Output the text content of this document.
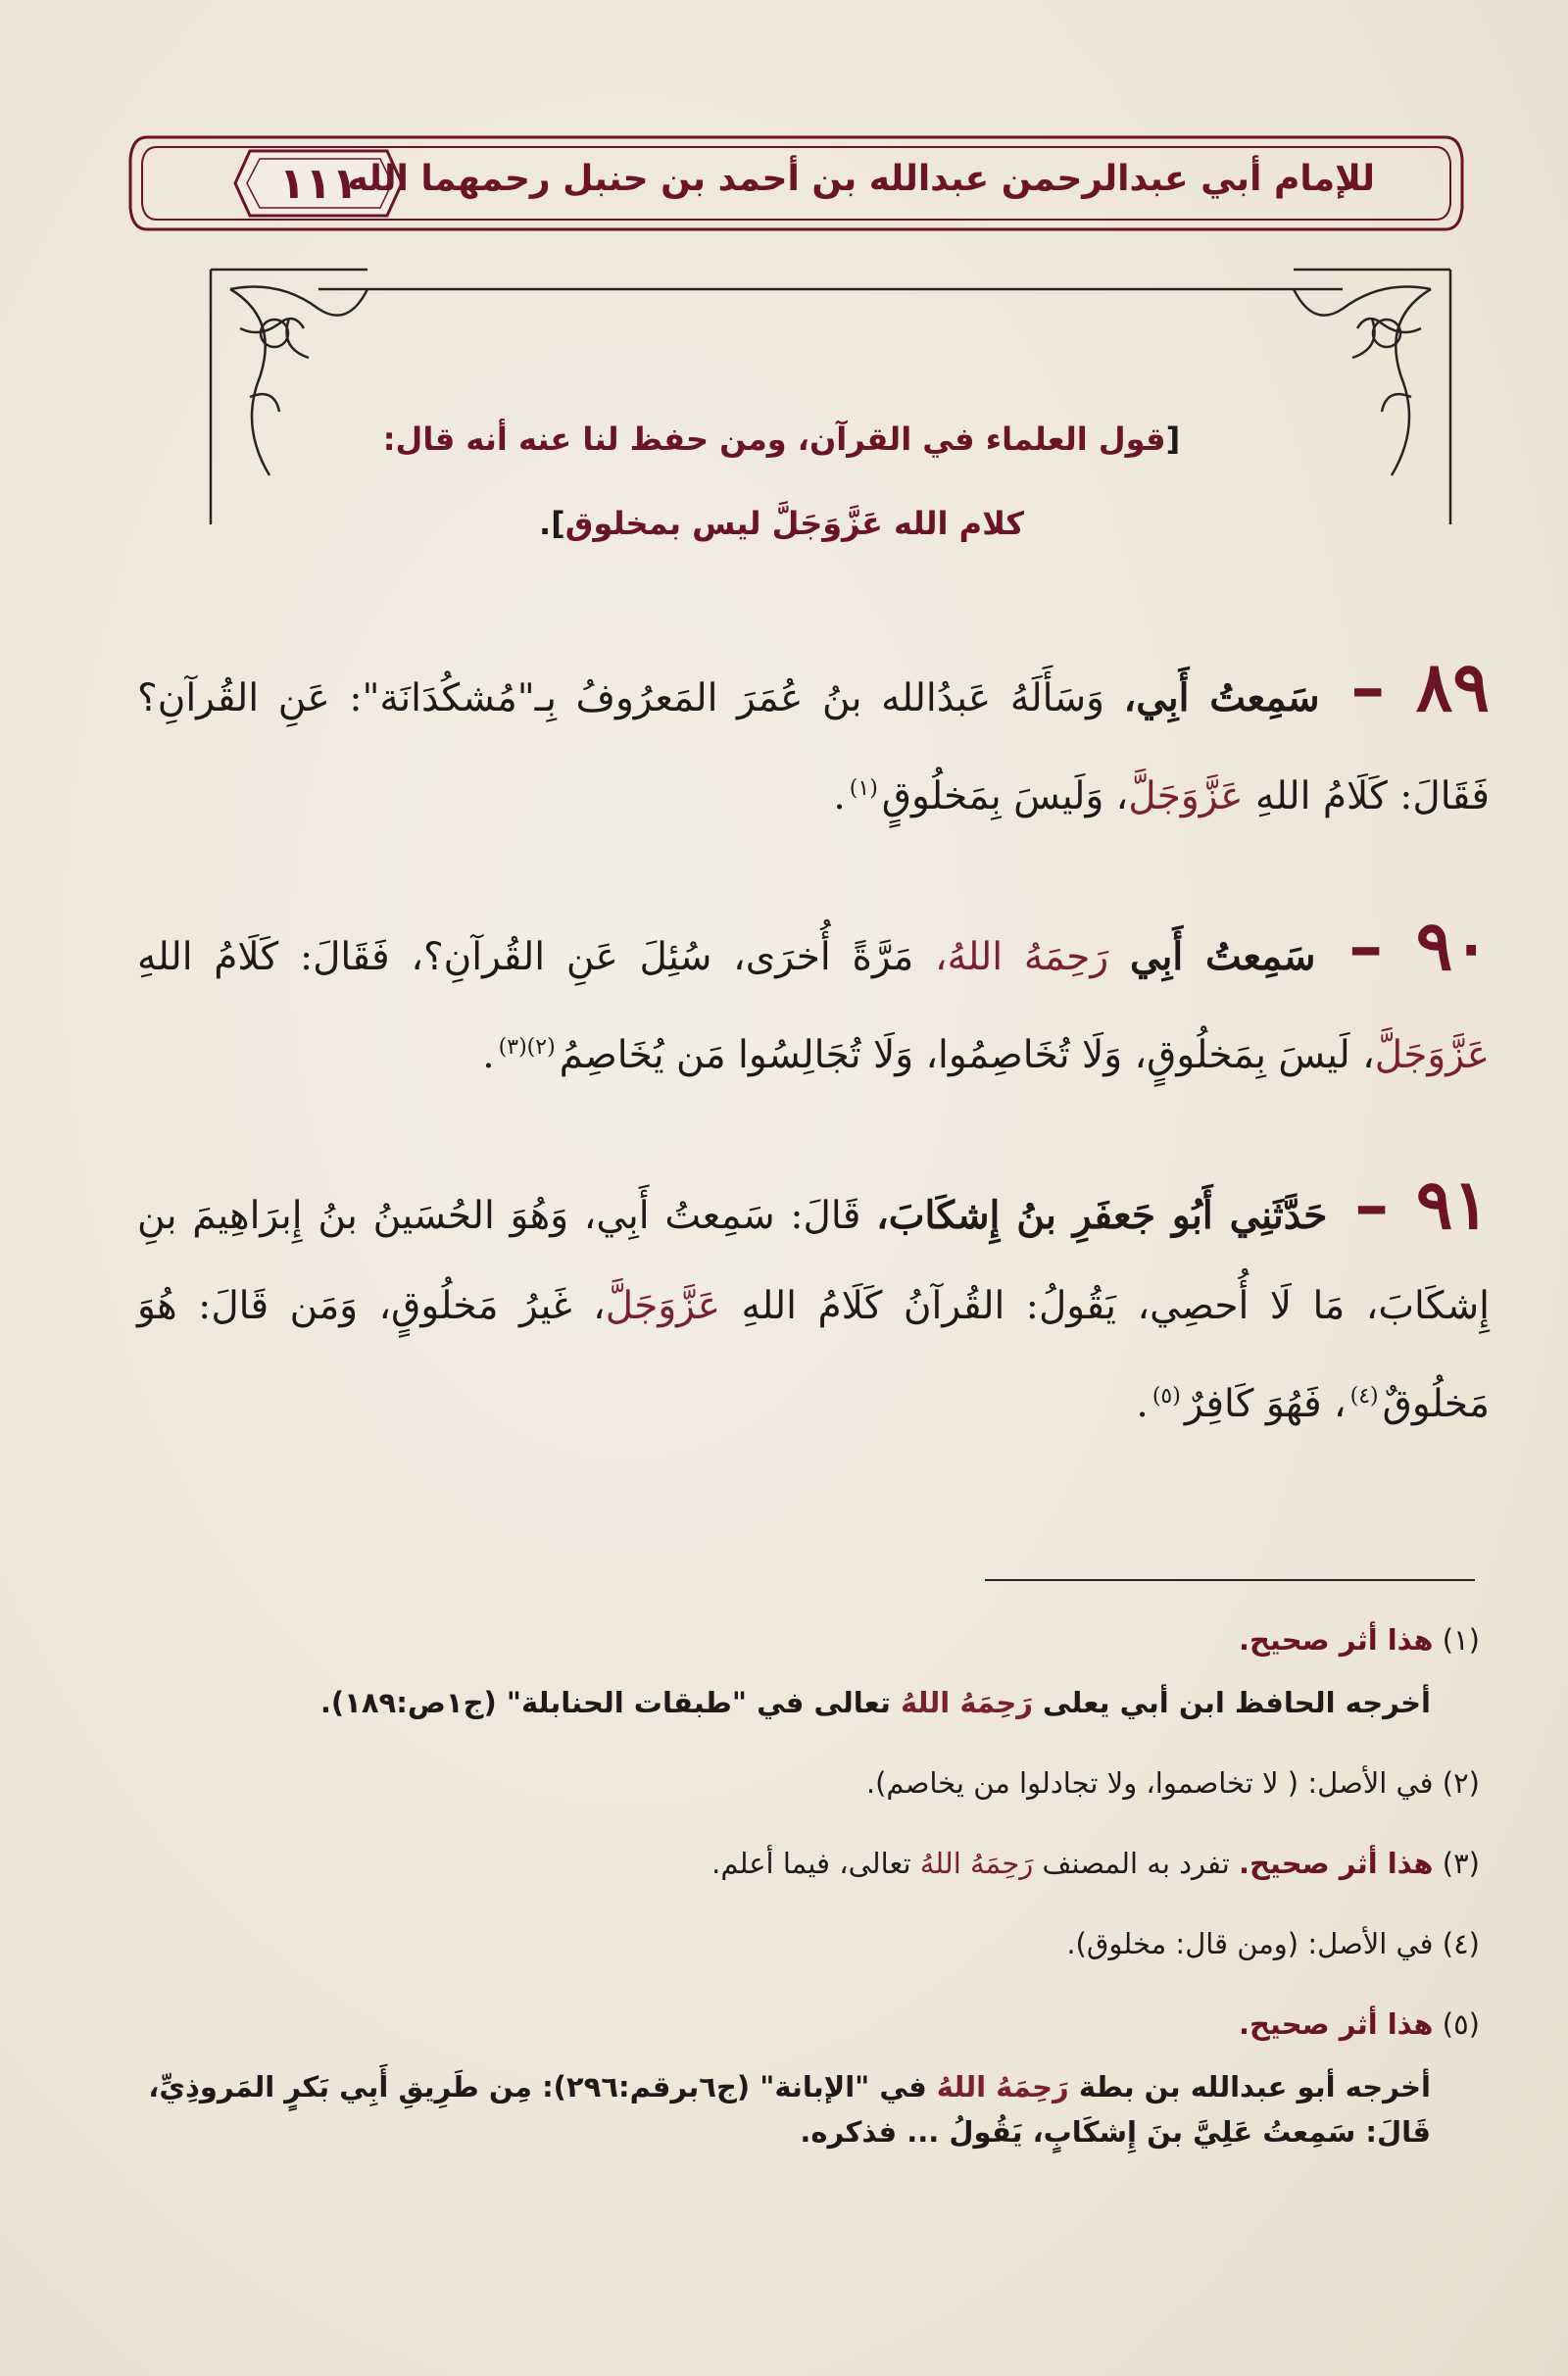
١١١
للإمام أبي عبدالرحمن عبدالله بن أحمد بن حنبل رحمهما الله
[قول العلماء في القرآن، ومن حفظ لنا عنه أنه قال:
كلام الله عَزَّوَجَلَّ ليس بمخلوق].

٨٩ – سَمِعتُ أَبِي، وَسَأَلَهُ عَبدُالله بنُ عُمَرَ المَعرُوفُ بِـ"مُشكُدَانَة": عَنِ القُرآنِ؟ فَقَالَ: كَلَامُ اللهِ عَزَّوَجَلَّ، وَلَيسَ بِمَخلُوقٍ$^{(١)}$.

٩٠ – سَمِعتُ أَبِي رَحِمَهُ اللهُ، مَرَّةً أُخرَى، سُئِلَ عَنِ القُرآنِ؟، فَقَالَ: كَلَامُ اللهِ عَزَّوَجَلَّ، لَيسَ بِمَخلُوقٍ، وَلَا تُخَاصِمُوا، وَلَا تُجَالِسُوا مَن يُخَاصِمُ$^{(٢)(٣)}$.

٩١ – حَدَّثَنِي أَبُو جَعفَرِ بنُ إِشكَابَ، قَالَ: سَمِعتُ أَبِي، وَهُوَ الحُسَينُ بنُ إِبرَاهِيمَ بنِ إِشكَابَ، مَا لَا أُحصِي، يَقُولُ: القُرآنُ كَلَامُ اللهِ عَزَّوَجَلَّ، غَيرُ مَخلُوقٍ، وَمَن قَالَ: هُوَ مَخلُوقٌ$^{(٤)}$، فَهُوَ كَافِرٌ$^{(٥)}$.

(١) هذا أثر صحيح.
أخرجه الحافظ ابن أبي يعلى رَحِمَهُ اللهُ تعالى في "طبقات الحنابلة" (ج١ص:١٨٩).
(٢) في الأصل: ( لا تخاصموا، ولا تجادلوا من يخاصم).
(٣) هذا أثر صحيح. تفرد به المصنف رَحِمَهُ اللهُ تعالى، فيما أعلم.
(٤) في الأصل: (ومن قال: مخلوق).
(٥) هذا أثر صحيح.
أخرجه أبو عبدالله بن بطة رَحِمَهُ اللهُ في "الإبانة" (ج٦برقم:٢٩٦): مِن طَرِيقِ أَبِي بَكرٍ المَروذِيِّ، قَالَ: سَمِعتُ عَلِيَّ بنَ إِشكَابٍ، يَقُولُ ... فذكره.
